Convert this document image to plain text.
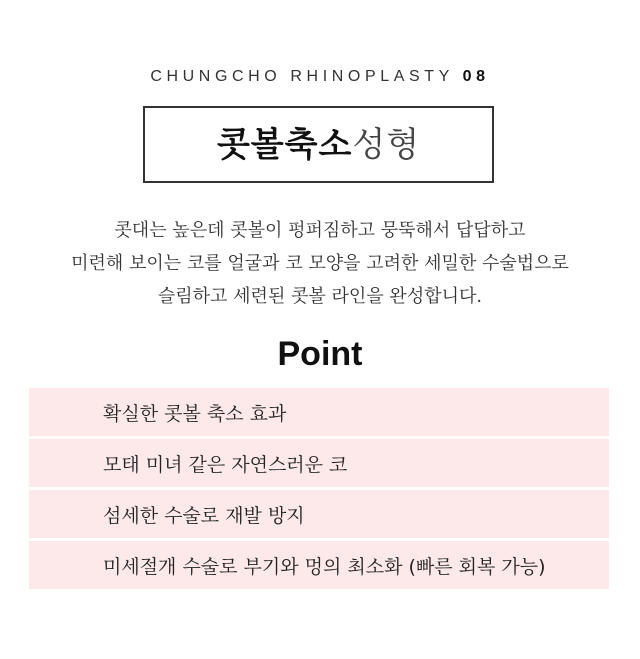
CHUNGCHO RHINOPLASTY 08
콧볼축소성형
콧대는 높은데 콧볼이 펑퍼짐하고 뭉뚝해서 답답하고
미련해 보이는 코를 얼굴과 코 모양을 고려한 세밀한 수술법으로
슬림하고 세련된 콧볼 라인을 완성합니다.
Point
확실한 콧볼 축소 효과
모태 미녀 같은 자연스러운 코
섬세한 수술로 재발 방지
미세절개 수술로 부기와 멍의 최소화 (빠른 회복 가능)
